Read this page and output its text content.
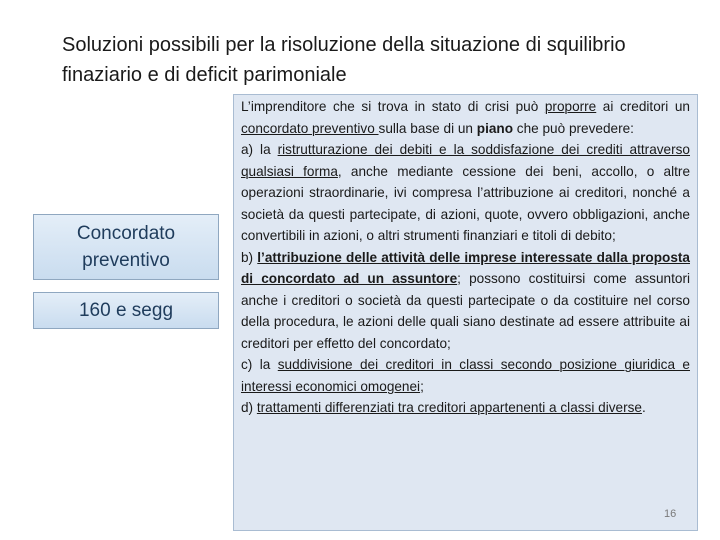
Soluzioni possibili per la risoluzione della situazione di squilibrio finaziario e di deficit parimoniale
Concordato preventivo
160 e segg

L’imprenditore che si trova in stato di crisi può proporre ai creditori un concordato preventivo sulla base di un piano che può prevedere:

a) la ristrutturazione dei debiti e la soddisfazione dei crediti attraverso qualsiasi forma, anche mediante cessione dei beni, accollo, o altre operazioni straordinarie, ivi compresa l’attribuzione ai creditori, nonché a società da questi partecipate, di azioni, quote, ovvero obbligazioni, anche convertibili in azioni, o altri strumenti finanziari e titoli di debito;

b) l’attribuzione delle attività delle imprese interessate dalla proposta di concordato ad un assuntore; possono costituirsi come assuntori anche i creditori o società da questi partecipate o da costituire nel corso della procedura, le azioni delle quali siano destinate ad essere attribuite ai creditori per effetto del concordato;

c) la suddivisione dei creditori in classi secondo posizione giuridica e interessi economici omogenei;

d) trattamenti differenziati tra creditori appartenenti a classi diverse.

16
